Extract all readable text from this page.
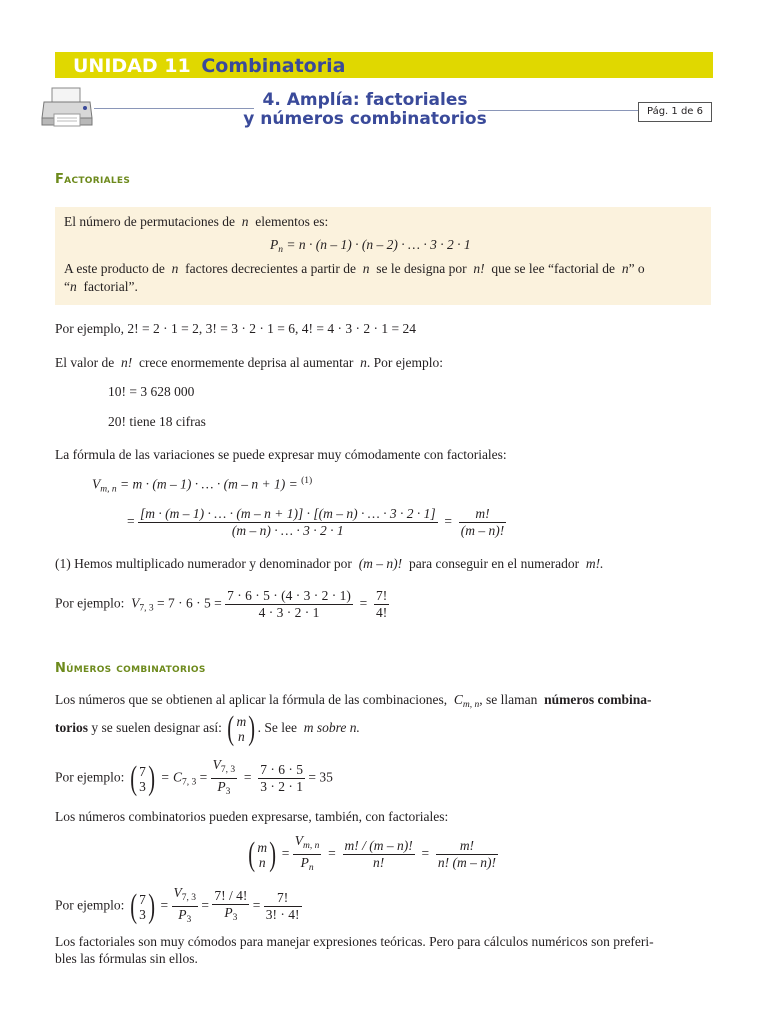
UNIDAD 11 Combinatoria
4. Amplía: factoriales
y números combinatorios	Pág. 1 de 6
Factoriales
El número de permutaciones de n elementos es:
$P_n = n \cdot (n - 1) \cdot (n - 2)$ · … · 3 · 2 · 1
A este producto de n factores decrecientes a partir de n se le designa por n! que se lee “factorial de n” o
“n factorial”.
Por ejemplo, 2! = 2 · 1 = 2, 3! = 3 · 2 · 1 = 6, 4! = 4 · 3 · 2 · 1 = 24
El valor de n! crece enormemente deprisa al aumentar n. Por ejemplo:
10! = 3 628 000
20! tiene 18 cifras
La fórmula de las variaciones se puede expresar muy cómodamente con factoriales:
$V_{m, n} = m \cdot (m - 1)$ · … · (m – n + 1) = $^{(1)}$
= $\frac{[m \cdot (m - 1) \cdot \dots \cdot (m - n + 1)] \cdot [(m - n) \cdot \dots \cdot 3 \cdot 2 \cdot 1]}{(m - n) \cdot \dots \cdot 3 \cdot 2 \cdot 1} = \frac{m!}{(m - n)!}$
(1) Hemos multiplicado numerador y denominador por (m – n)! para conseguir en el numerador m!.
Por ejemplo: $V_{7, 3} = 7 \cdot 6 \cdot 5 = \frac{7 \cdot 6 \cdot 5 \cdot (4 \cdot 3 \cdot 2 \cdot 1)}{4 \cdot 3 \cdot 2 \cdot 1} = \frac{7!}{4!}$
Números combinatorios
Los números que se obtienen al aplicar la fórmula de las combinaciones, $C_{m, n}$, se llaman números combina-
torios y se suelen designar así: ( m
n ) . Se lee m sobre n.
Por ejemplo: ( 7
$3) = C_{7, 3} = \frac{V_{7, 3}}{P_3} = \frac{7 \cdot 6 \cdot 5}{3 \cdot 2 \cdot 1} = 35$
Los números combinatorios pueden expresarse, también, con factoriales:
( m
n ) = $\frac{V_{m, n}}{P_n} = \frac{m! / (m - n)!}{n!} = \frac{m!}{n! (m - n)!}$
Por ejemplo: ( 7
$3) = \frac{V_{7, 3}}{P_3} = \frac{7! / 4!}{P_3} = \frac{7!}{3! \cdot 4!}$
Los factoriales son muy cómodos para manejar expresiones teóricas. Pero para cálculos numéricos son preferi-
bles las fórmulas sin ellos.
